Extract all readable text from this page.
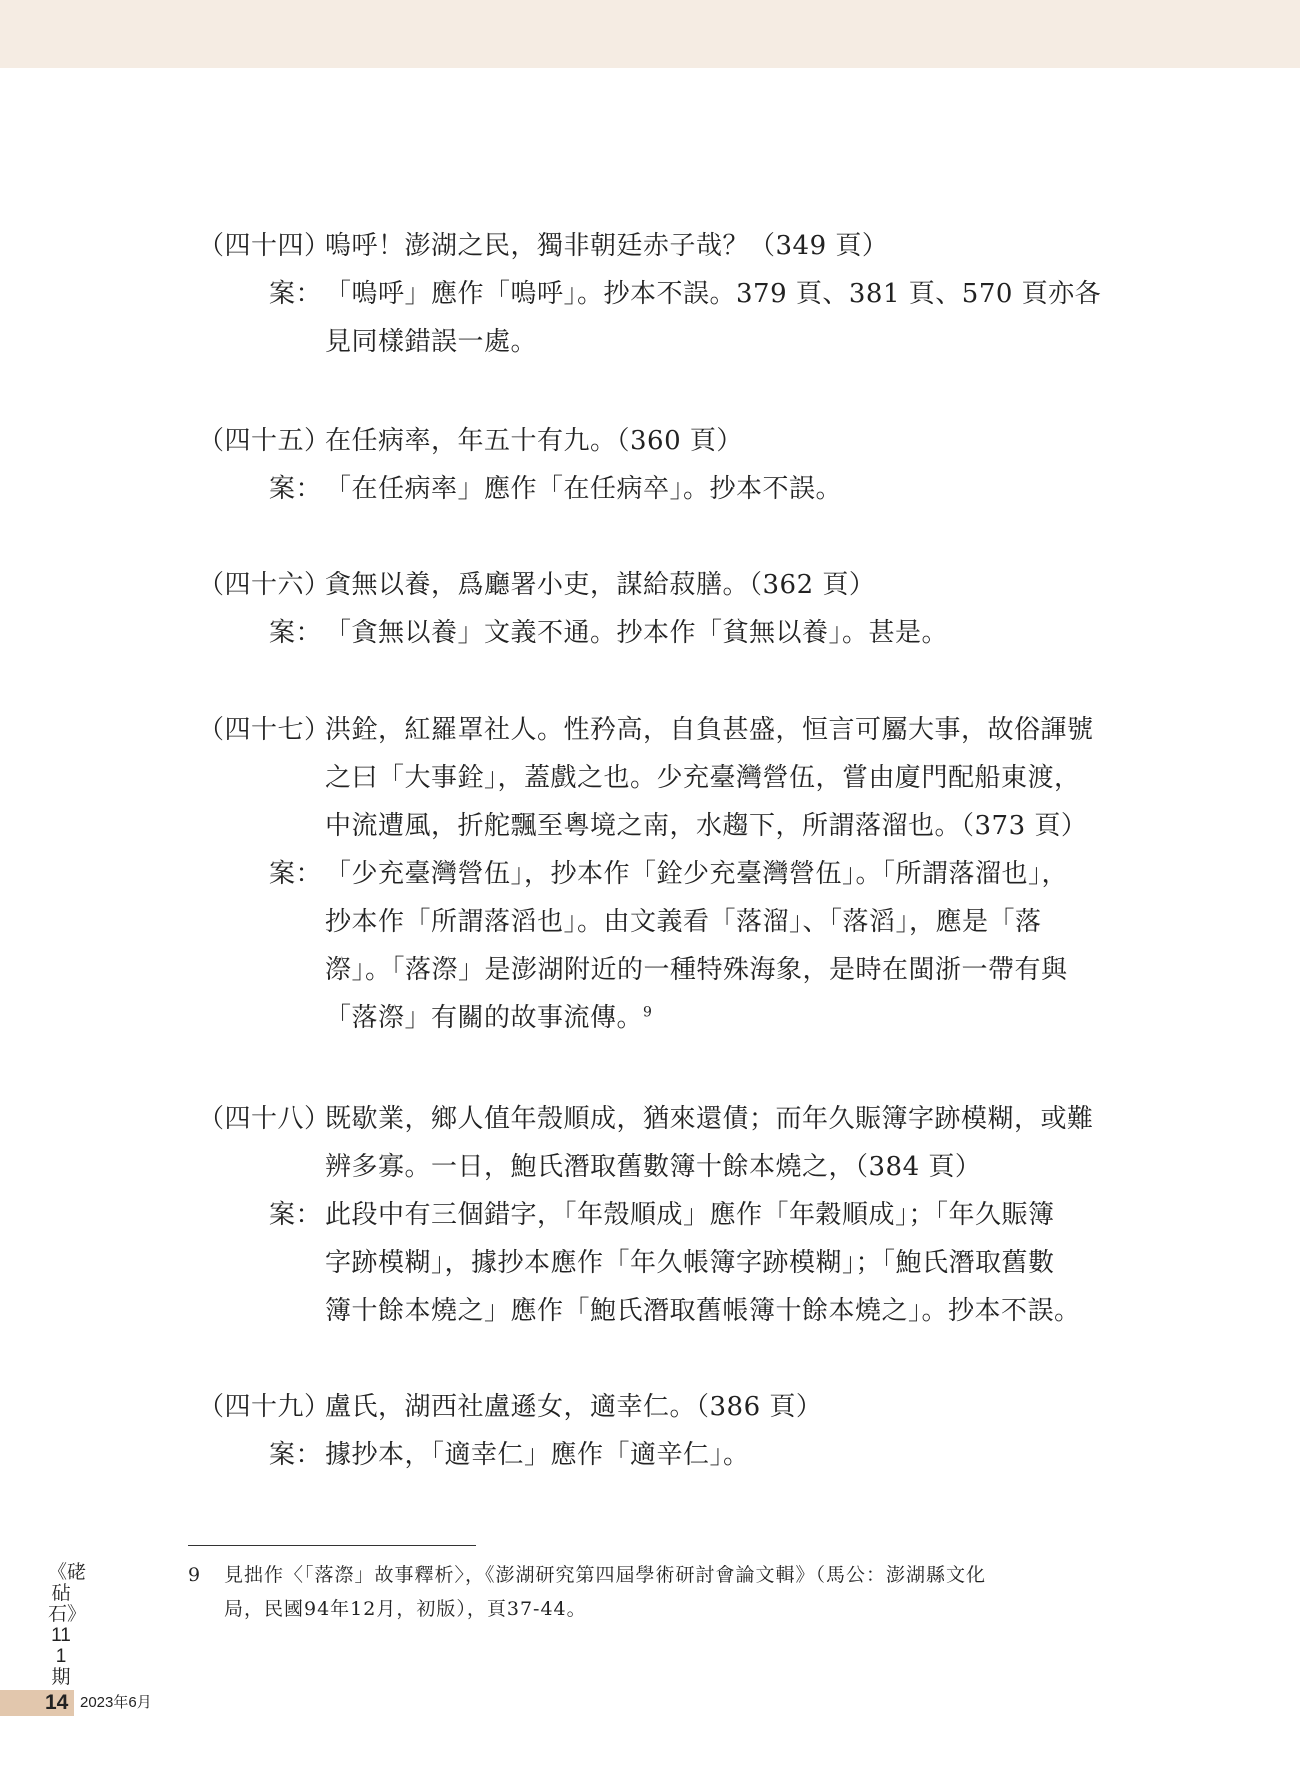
（四十四）嗚呼！澎湖之民，獨非朝廷赤子哉？（349 頁）
案： 「嗚呼」應作「嗚呼」。抄本不誤。379 頁、381 頁、570 頁亦各
見同樣錯誤一處。
（四十五）在任病率，年五十有九。（360 頁）
案： 「在任病率」應作「在任病卒」。抄本不誤。
（四十六）貪無以養，爲廳署小吏，謀給菽膳。（362 頁）
案： 「貪無以養」文義不通。抄本作「貧無以養」。甚是。
（四十七）洪銓，紅羅罩社人。性矜高，自負甚盛，恒言可屬大事，故俗諢號
之曰「大事銓」，蓋戲之也。少充臺灣營伍，嘗由廈門配船東渡，
中流遭風，折舵飄至粵境之南，水趨下，所謂落溜也。（373 頁）
案： 「少充臺灣營伍」，抄本作「銓少充臺灣營伍」。「所謂落溜也」，
抄本作「所謂落滔也」。由文義看「落溜」、「落滔」，應是「落
漈」。「落漈」是澎湖附近的一種特殊海象，是時在閩浙一帶有與
「落漈」有關的故事流傳。$^9$
（四十八）既歇業，鄉人值年殼順成，猶來還債；而年久賑簿字跡模糊，或難
辨多寡。一日，鮑氏潛取舊數簿十餘本燒之，（384 頁）
案： 此段中有三個錯字，「年殼順成」應作「年穀順成」；「年久賑簿
字跡模糊」，據抄本應作「年久帳簿字跡模糊」；「鮑氏潛取舊數
簿十餘本燒之」應作「鮑氏潛取舊帳簿十餘本燒之」。抄本不誤。
（四十九）盧氏，湖西社盧遜女，適幸仁。（386 頁）
案： 據抄本，「適幸仁」應作「適辛仁」。
9 見拙作〈「落漈」故事釋析〉，《澎湖研究第四屆學術研討會論文輯》（馬公：澎湖縣文化
局，民國94年12月，初版），頁37-44。
《硓砧石》111期
14 2023年6月
